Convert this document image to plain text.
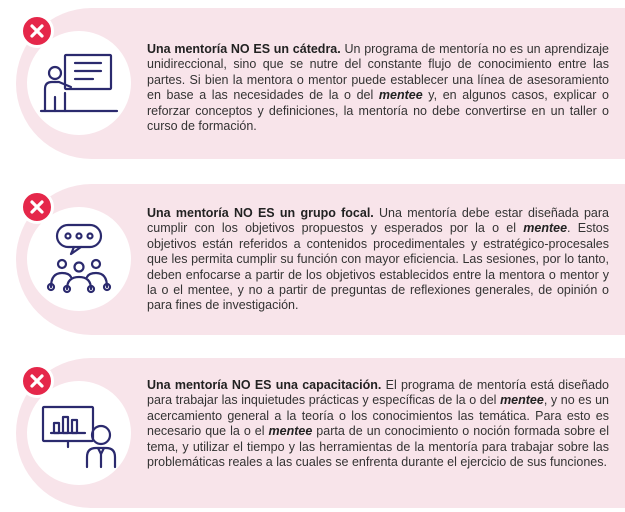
Una mentoría NO ES un cátedra. Un programa de mentoría no es un aprendizaje unidireccional, sino que se nutre del constante flujo de conocimiento entre las partes. Si bien la mentora o mentor puede establecer una línea de asesoramiento en base a las necesidades de la o del mentee y, en algunos casos, explicar o reforzar conceptos y definiciones, la mentoría no debe convertirse en un taller o curso de formación.
Una mentoría NO ES un grupo focal. Una mentoría debe estar diseñada para cumplir con los objetivos propuestos y esperados por la o el mentee. Estos objetivos están referidos a contenidos procedimentales y estratégico-procesales que les permita cumplir su función con mayor eficiencia. Las sesiones, por lo tanto, deben enfocarse a partir de los objetivos establecidos entre la mentora o mentor y la o el mentee, y no a partir de preguntas de reflexiones generales, de opinión o para fines de investigación.
Una mentoría NO ES una capacitación. El programa de mentoría está diseñado para trabajar las inquietudes prácticas y específicas de la o del mentee, y no es un acercamiento general a la teoría o los conocimientos las temática. Para esto es necesario que la o el mentee parta de un conocimiento o noción formada sobre el tema, y utilizar el tiempo y las herramientas de la mentoría para trabajar sobre las problemáticas reales a las cuales se enfrenta durante el ejercicio de sus funciones.
